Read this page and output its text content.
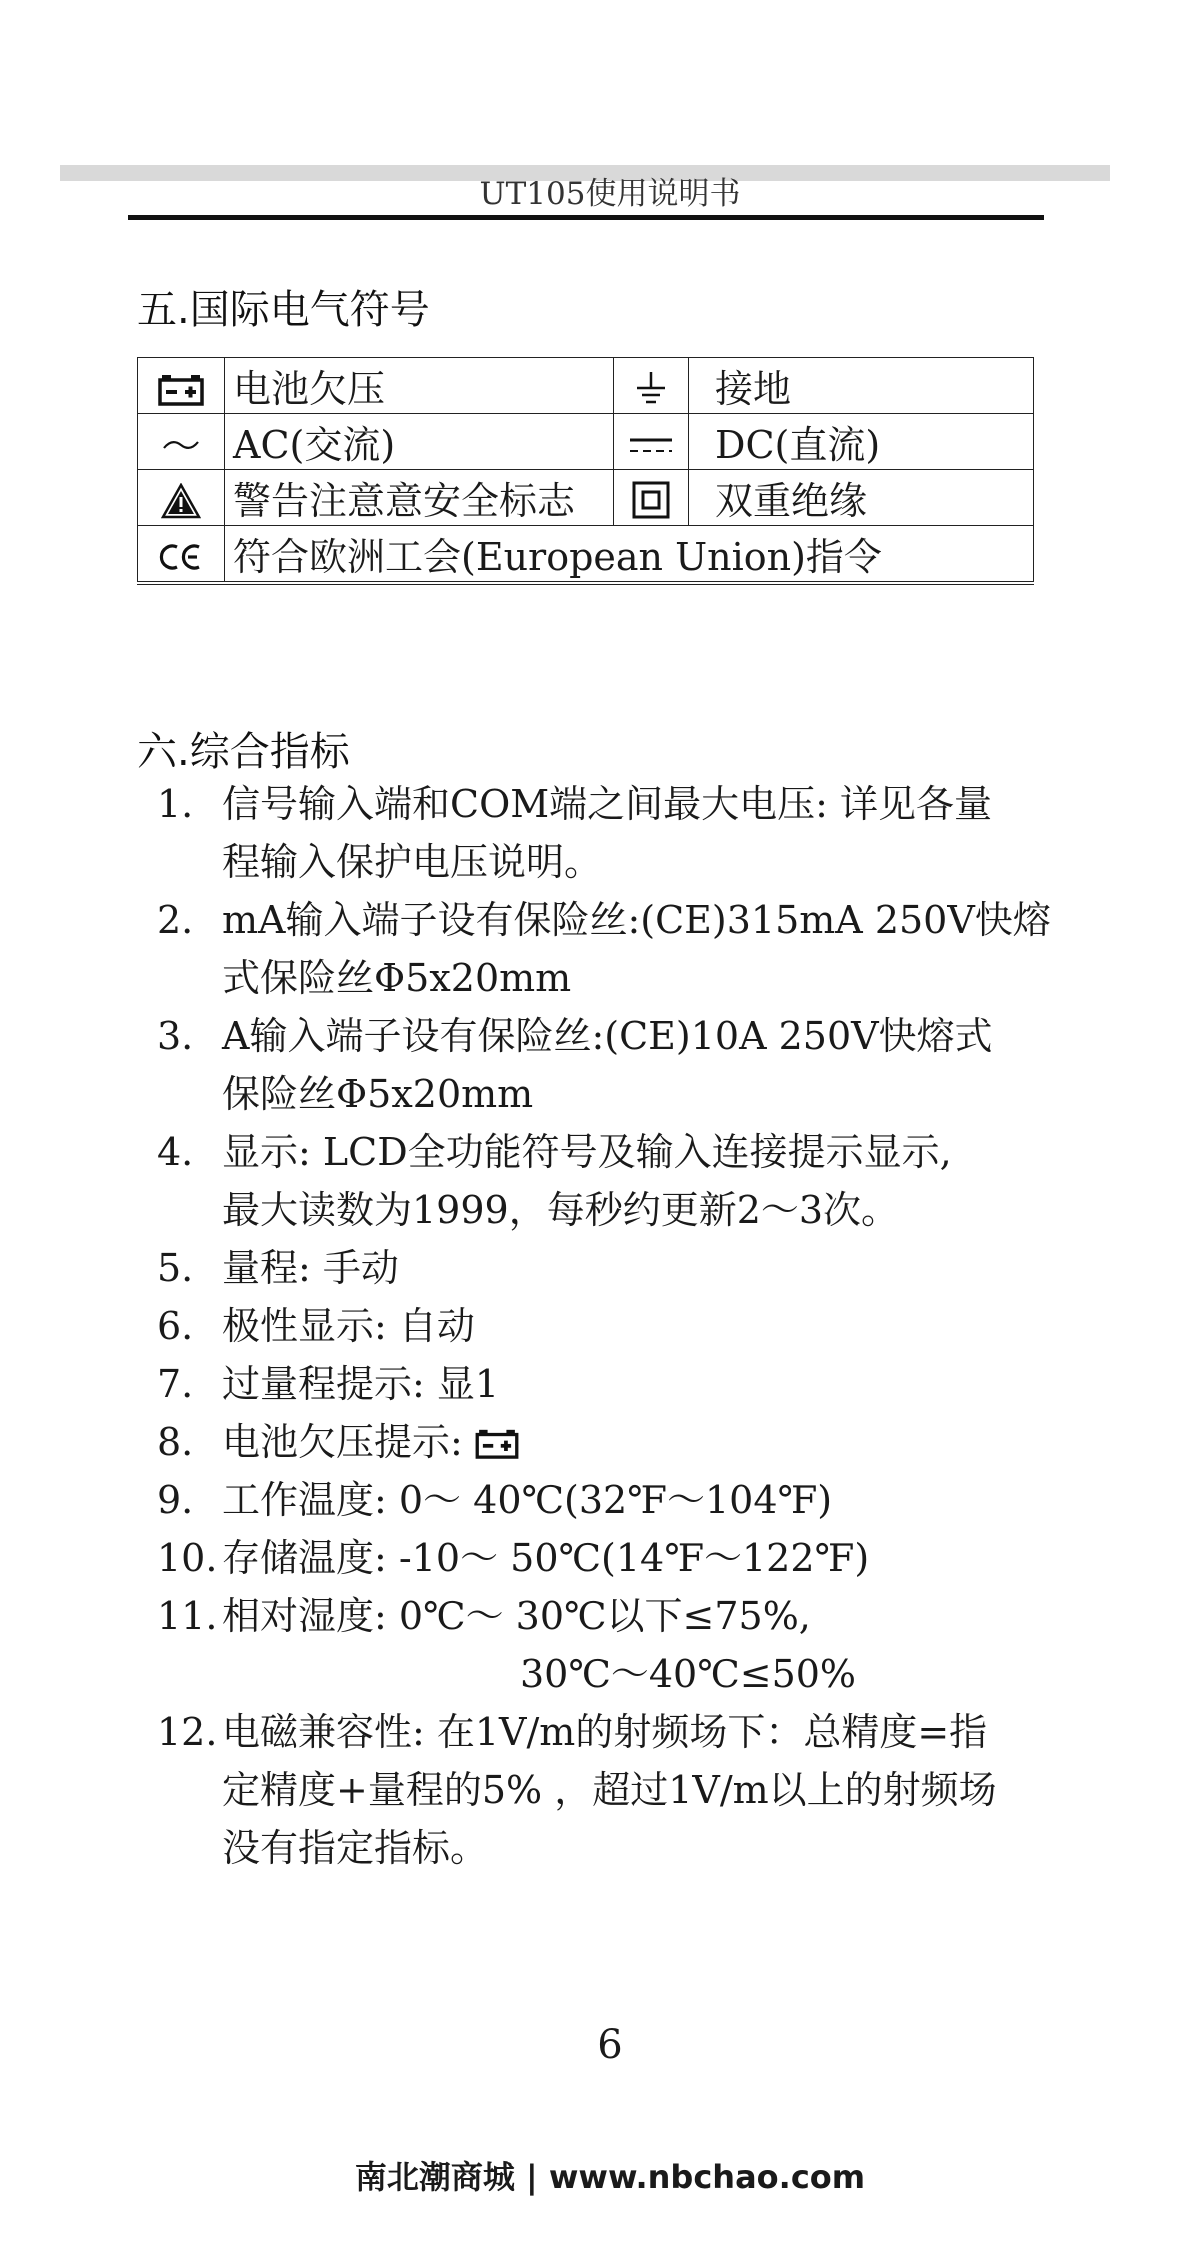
UT105使用说明书
五.国际电气符号
	电池欠压		接地
	AC(交流)		DC(直流)
	警告注意意安全标志		双重绝缘
	符合欧洲工会(European Union)指令		
六.综合指标
1. 信号输入端和COM端之间最大电压: 详见各量
程输入保护电压说明。
2. mA输入端子设有保险丝:(CE)315mA 250V快熔
式保险丝Φ5x20mm
3. A输入端子设有保险丝:(CE)10A 250V快熔式
保险丝Φ5x20mm
4. 显示: LCD全功能符号及输入连接提示显示,
最大读数为1999，每秒约更新2～3次。
5. 量程: 手动
6. 极性显示: 自动
7. 过量程提示: 显1
8. 电池欠压提示:
9. 工作温度: 0～ 40℃(32℉～104℉)
10. 存储温度: -10～ 50℃(14℉～122℉)
11. 相对湿度: 0℃～ 30℃以下≤75%,
30℃～40℃≤50%
12. 电磁兼容性: 在1V/m的射频场下：总精度=指
定精度+量程的5% ，超过1V/m以上的射频场
没有指定指标。
6
南北潮商城 | www.nbchao.com
